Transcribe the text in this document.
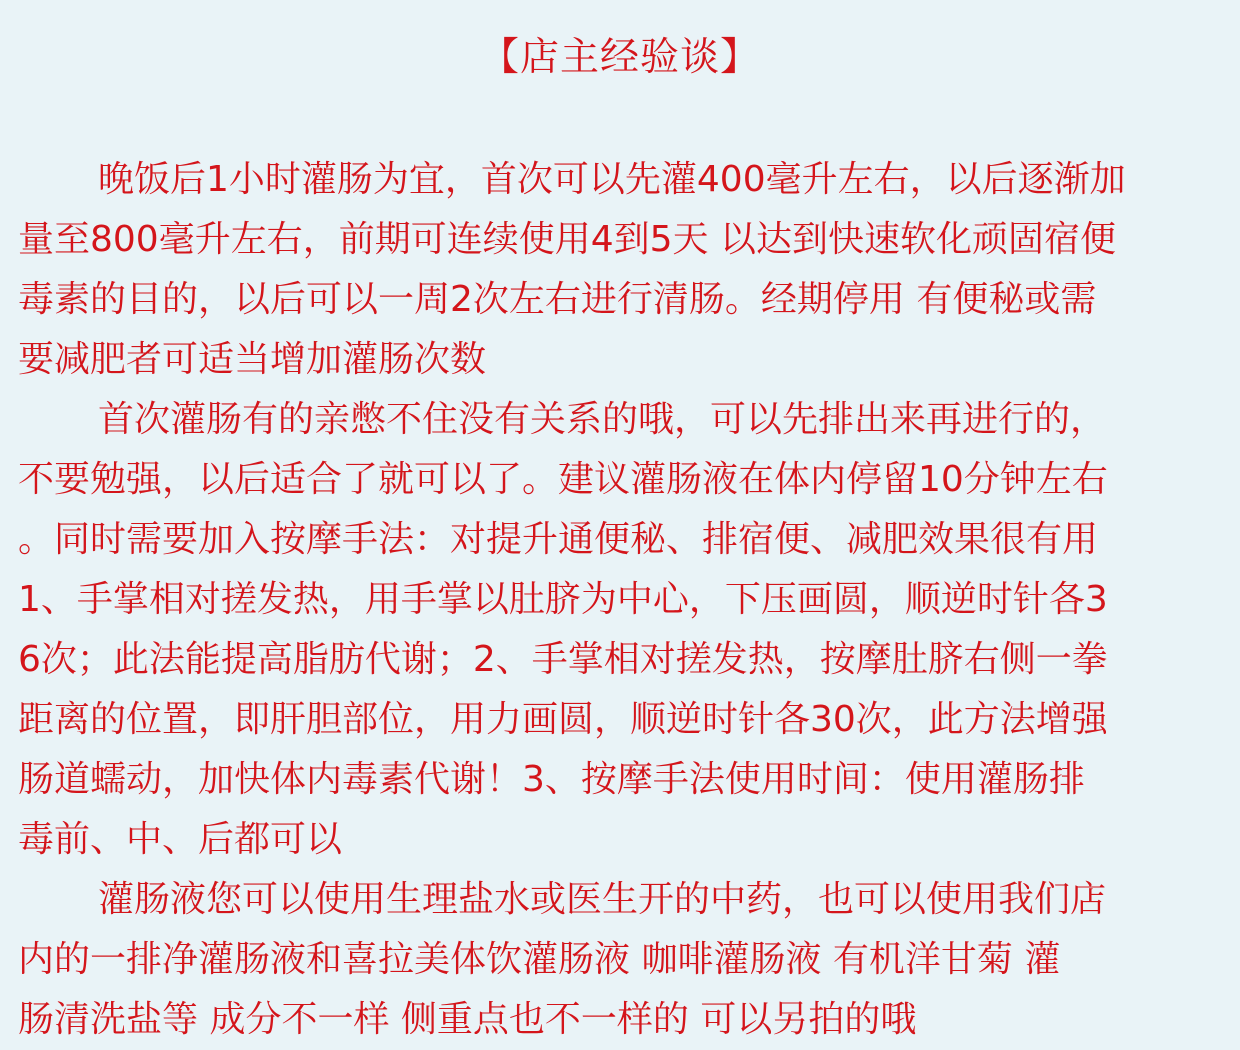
【店主经验谈】
晚饭后1小时灌肠为宜，首次可以先灌400毫升左右，以后逐渐加
量至800毫升左右，前期可连续使用4到5天 以达到快速软化顽固宿便
毒素的目的，以后可以一周2次左右进行清肠。经期停用 有便秘或需
要减肥者可适当增加灌肠次数
首次灌肠有的亲憋不住没有关系的哦，可以先排出来再进行的，
不要勉强，以后适合了就可以了。建议灌肠液在体内停留10分钟左右
。同时需要加入按摩手法：对提升通便秘、排宿便、减肥效果很有用
1、手掌相对搓发热，用手掌以肚脐为中心，下压画圆，顺逆时针各3
6次；此法能提高脂肪代谢；2、手掌相对搓发热，按摩肚脐右侧一拳
距离的位置，即肝胆部位，用力画圆，顺逆时针各30次，此方法增强
肠道蠕动，加快体内毒素代谢！3、按摩手法使用时间：使用灌肠排
毒前、中、后都可以
灌肠液您可以使用生理盐水或医生开的中药，也可以使用我们店
内的一排净灌肠液和喜拉美体饮灌肠液 咖啡灌肠液 有机洋甘菊 灌
肠清洗盐等 成分不一样 侧重点也不一样的 可以另拍的哦
